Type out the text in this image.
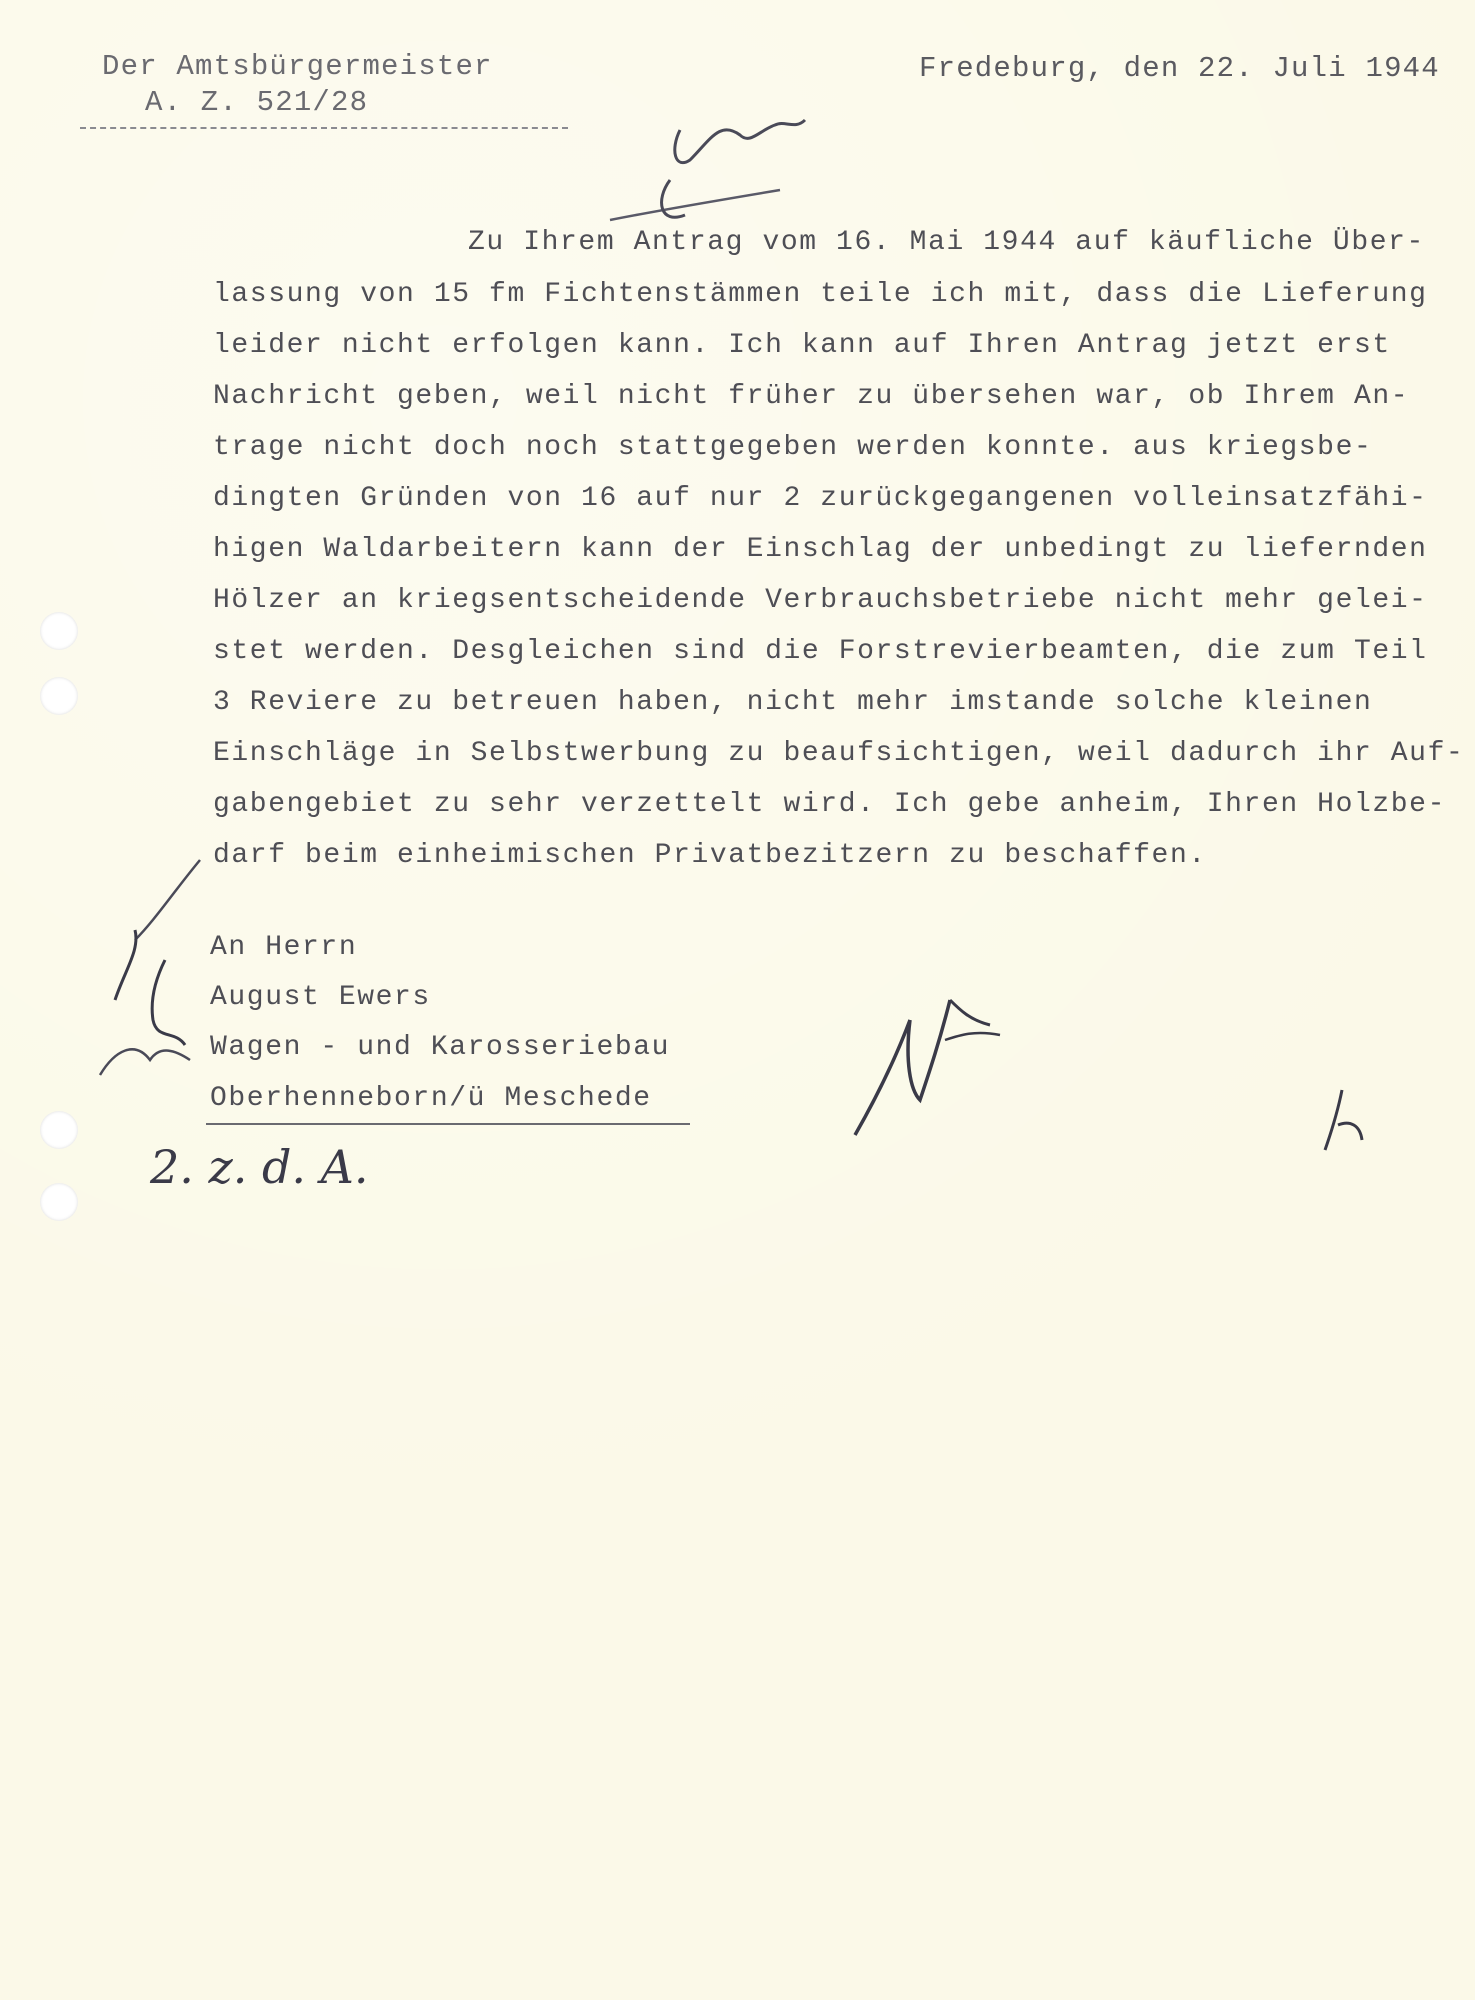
Der Amtsbürgermeister
A. Z. 521/28
Fredeburg, den 22. Juli 1944
Zu Ihrem Antrag vom 16. Mai 1944 auf käufliche Über-
lassung von 15 fm Fichtenstämmen teile ich mit, dass die Lieferung
leider nicht erfolgen kann. Ich kann auf Ihren Antrag jetzt erst
Nachricht geben, weil nicht früher zu übersehen war, ob Ihrem An-
trage nicht doch noch stattgegeben werden konnte. aus kriegsbe-
dingten Gründen von 16 auf nur 2 zurückgegangenen volleinsatzfähi-
higen Waldarbeitern kann der Einschlag der unbedingt zu liefernden
Hölzer an kriegsentscheidende Verbrauchsbetriebe nicht mehr gelei-
stet werden. Desgleichen sind die Forstrevierbeamten, die zum Teil
3 Reviere zu betreuen haben, nicht mehr imstande solche kleinen
Einschläge in Selbstwerbung zu beaufsichtigen, weil dadurch ihr Auf-
gabengebiet zu sehr verzettelt wird. Ich gebe anheim, Ihren Holzbe-
darf beim einheimischen Privatbezitzern zu beschaffen.
An Herrn
August Ewers
Wagen - und Karosseriebau
Oberhenneborn/ü Meschede
2. z. d. A.
